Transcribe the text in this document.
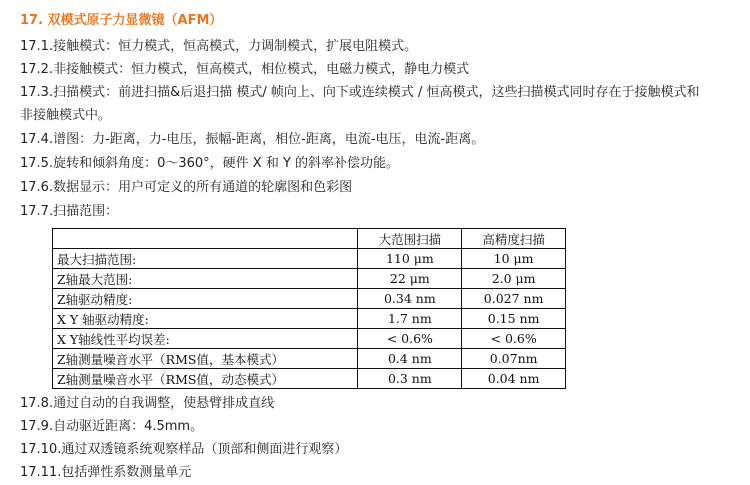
17. 双模式原子力显微镜（AFM）
17.1.接触模式：恒力模式，恒高模式，力调制模式，扩展电阻模式。
17.2.非接触模式：恒力模式，恒高模式，相位模式，电磁力模式，静电力模式
17.3.扫描模式：前进扫描&后退扫描 模式/ 帧向上、向下或连续模式 / 恒高模式，这些扫描模式同时存在于接触模式和
非接触模式中。
17.4.谱图：力-距离，力-电压，振幅-距离，相位-距离，电流-电压，电流-距离。
17.5.旋转和倾斜角度：0～360°，硬件 X 和 Y 的斜率补偿功能。
17.6.数据显示：用户可定义的所有通道的轮廓图和色彩图
17.7.扫描范围：
	大范围扫描	高精度扫描
最大扫描范围:	110 μm	10 μm
Z轴最大范围:	22 μm	2.0 μm
Z轴驱动精度:	0.34 nm	0.027 nm
X Y 轴驱动精度:	1.7 nm	0.15 nm
X Y轴线性平均误差:	< 0.6%	< 0.6%
Z轴测量噪音水平（RMS值，基本模式）	0.4 nm	0.07nm
Z轴测量噪音水平（RMS值，动态模式）	0.3 nm	0.04 nm
17.8.通过自动的自我调整，使悬臂排成直线
17.9.自动驱近距离：4.5mm。
17.10.通过双透镜系统观察样品（顶部和侧面进行观察）
17.11.包括弹性系数测量单元
